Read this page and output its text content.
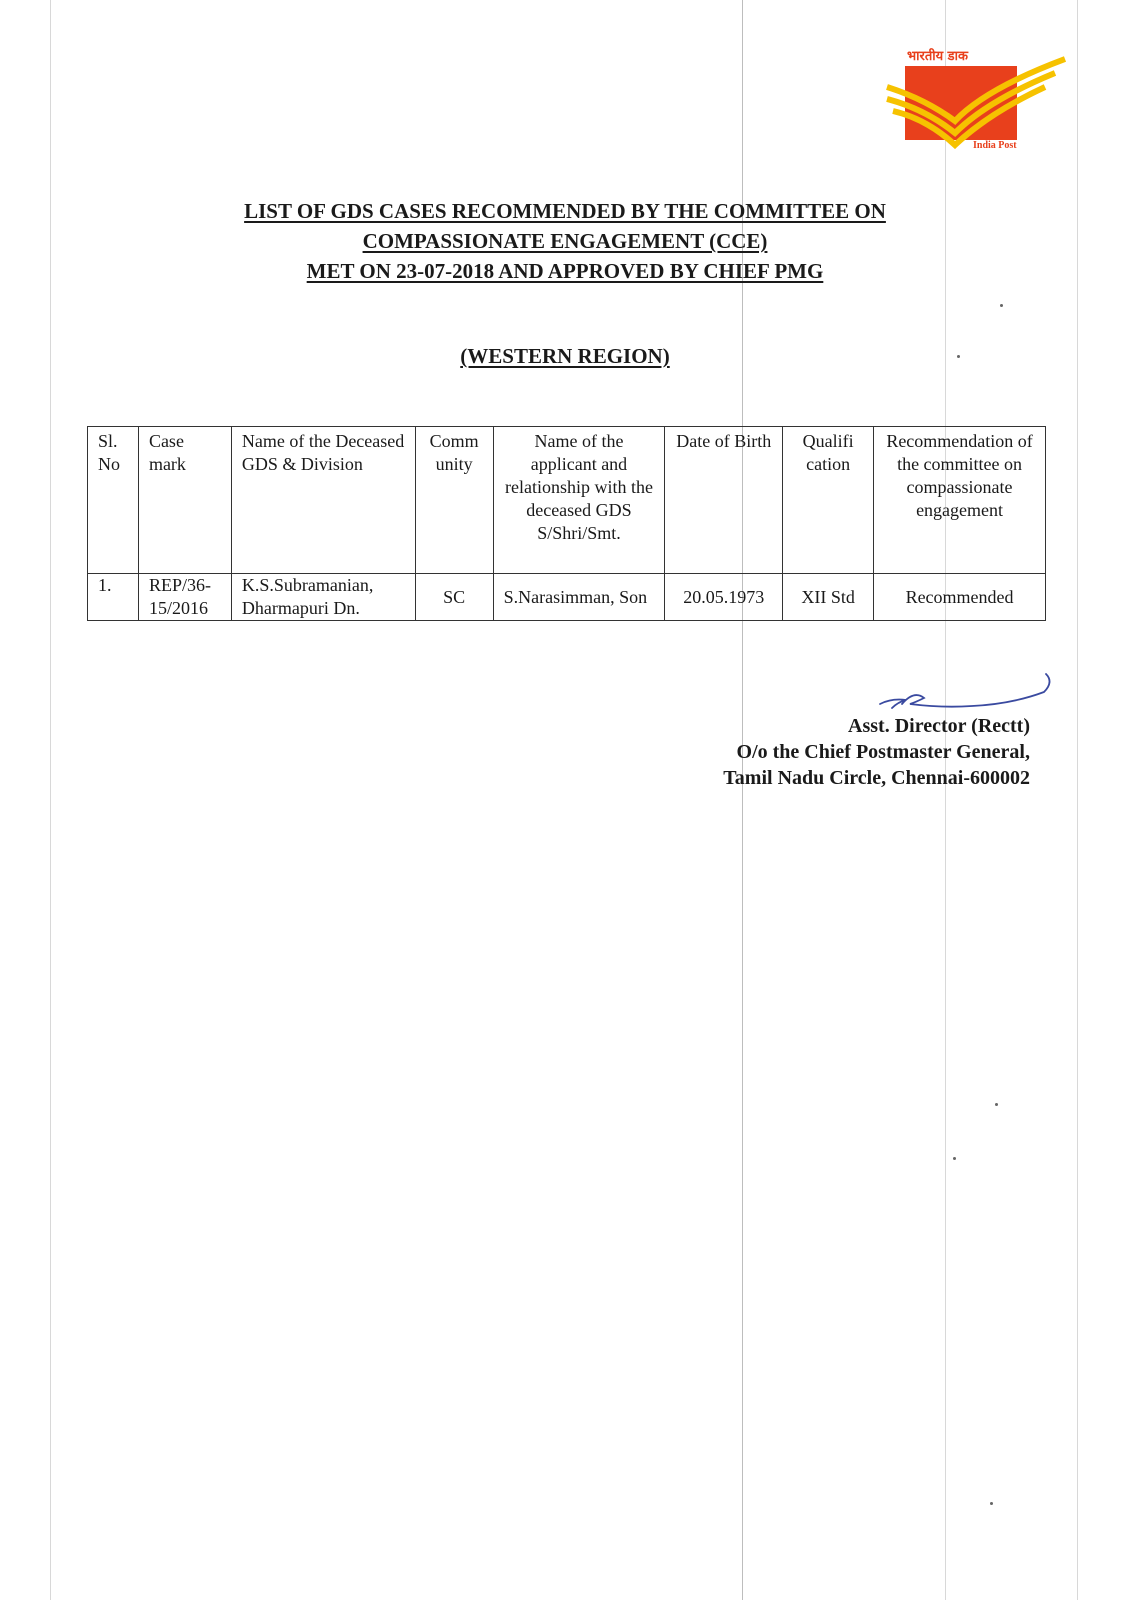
भारतीय डाक
India Post
LIST OF GDS CASES RECOMMENDED BY THE COMMITTEE ON
COMPASSIONATE ENGAGEMENT (CCE)
MET ON 23-07-2018 AND APPROVED BY CHIEF PMG
(WESTERN REGION)
Sl. No	Case mark	Name of the Deceased GDS & Division	Comm unity	Name of the applicant and relationship with the deceased GDS S/Shri/Smt.	Date of Birth	Qualifi cation	Recommendation of the committee on compassionate engagement

1.	REP/36-15/2016	K.S.Subramanian, Dharmapuri Dn.	SC	S.Narasimman, Son	20.05.1973	XII Std	Recommended
Asst. Director (Rectt)
O/o the Chief Postmaster General,
Tamil Nadu Circle, Chennai-600002
